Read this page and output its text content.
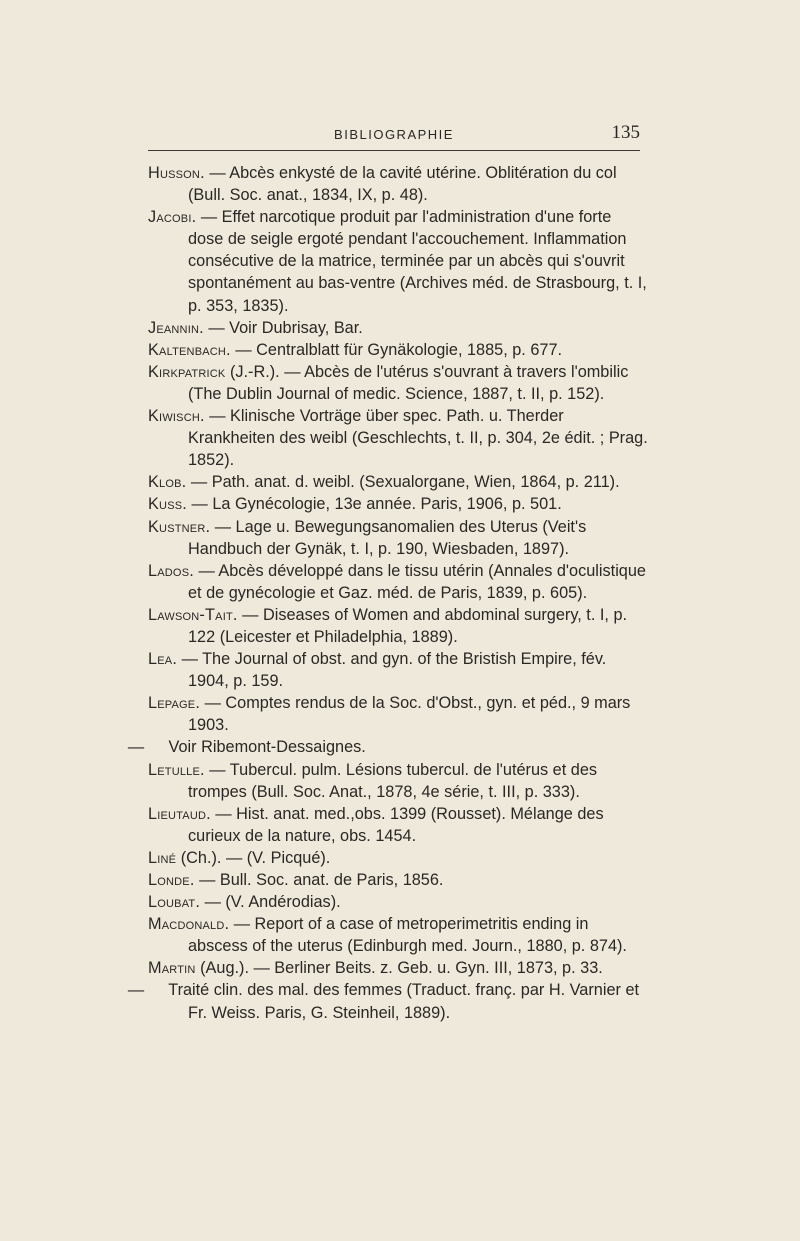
BIBLIOGRAPHIE	135

Husson. — Abcès enkysté de la cavité utérine. Oblitération du col (Bull. Soc. anat., 1834, IX, p. 48).

Jacobi. — Effet narcotique produit par l'administration d'une forte dose de seigle ergoté pendant l'accouchement. Inflammation consécutive de la matrice, terminée par un abcès qui s'ouvrit spontanément au bas-ventre (Archives méd. de Strasbourg, t. I, p. 353, 1835).

Jeannin. — Voir Dubrisay, Bar.

Kaltenbach. — Centralblatt für Gynäkologie, 1885, p. 677.

Kirkpatrick (J.-R.). — Abcès de l'utérus s'ouvrant à travers l'ombilic (The Dublin Journal of medic. Science, 1887, t. II, p. 152).

Kiwisch. — Klinische Vorträge über spec. Path. u. Therder Krankheiten des weibl (Geschlechts, t. II, p. 304, 2e édit. ; Prag. 1852).

Klob. — Path. anat. d. weibl. (Sexualorgane, Wien, 1864, p. 211).

Kuss. — La Gynécologie, 13e année. Paris, 1906, p. 501.

Kustner. — Lage u. Bewegungsanomalien des Uterus (Veit's Handbuch der Gynäk, t. I, p. 190, Wiesbaden, 1897).

Lados. — Abcès développé dans le tissu utérin (Annales d'oculistique et de gynécologie et Gaz. méd. de Paris, 1839, p. 605).

Lawson-Tait. — Diseases of Women and abdominal surgery, t. I, p. 122 (Leicester et Philadelphia, 1889).

Lea. — The Journal of obst. and gyn. of the Bristish Empire, fév. 1904, p. 159.

Lepage. — Comptes rendus de la Soc. d'Obst., gyn. et péd., 9 mars 1903.

— Voir Ribemont-Dessaignes.

Letulle. — Tubercul. pulm. Lésions tubercul. de l'utérus et des trompes (Bull. Soc. Anat., 1878, 4e série, t. III, p. 333).

Lieutaud. — Hist. anat. med.,obs. 1399 (Rousset). Mélange des curieux de la nature, obs. 1454.

Liné (Ch.). — (V. Picqué).

Londe. — Bull. Soc. anat. de Paris, 1856.

Loubat. — (V. Andérodias).

Macdonald. — Report of a case of metroperimetritis ending in abscess of the uterus (Edinburgh med. Journ., 1880, p. 874).

Martin (Aug.). — Berliner Beits. z. Geb. u. Gyn. III, 1873, p. 33.

— Traité clin. des mal. des femmes (Traduct. franç. par H. Varnier et Fr. Weiss. Paris, G. Steinheil, 1889).
